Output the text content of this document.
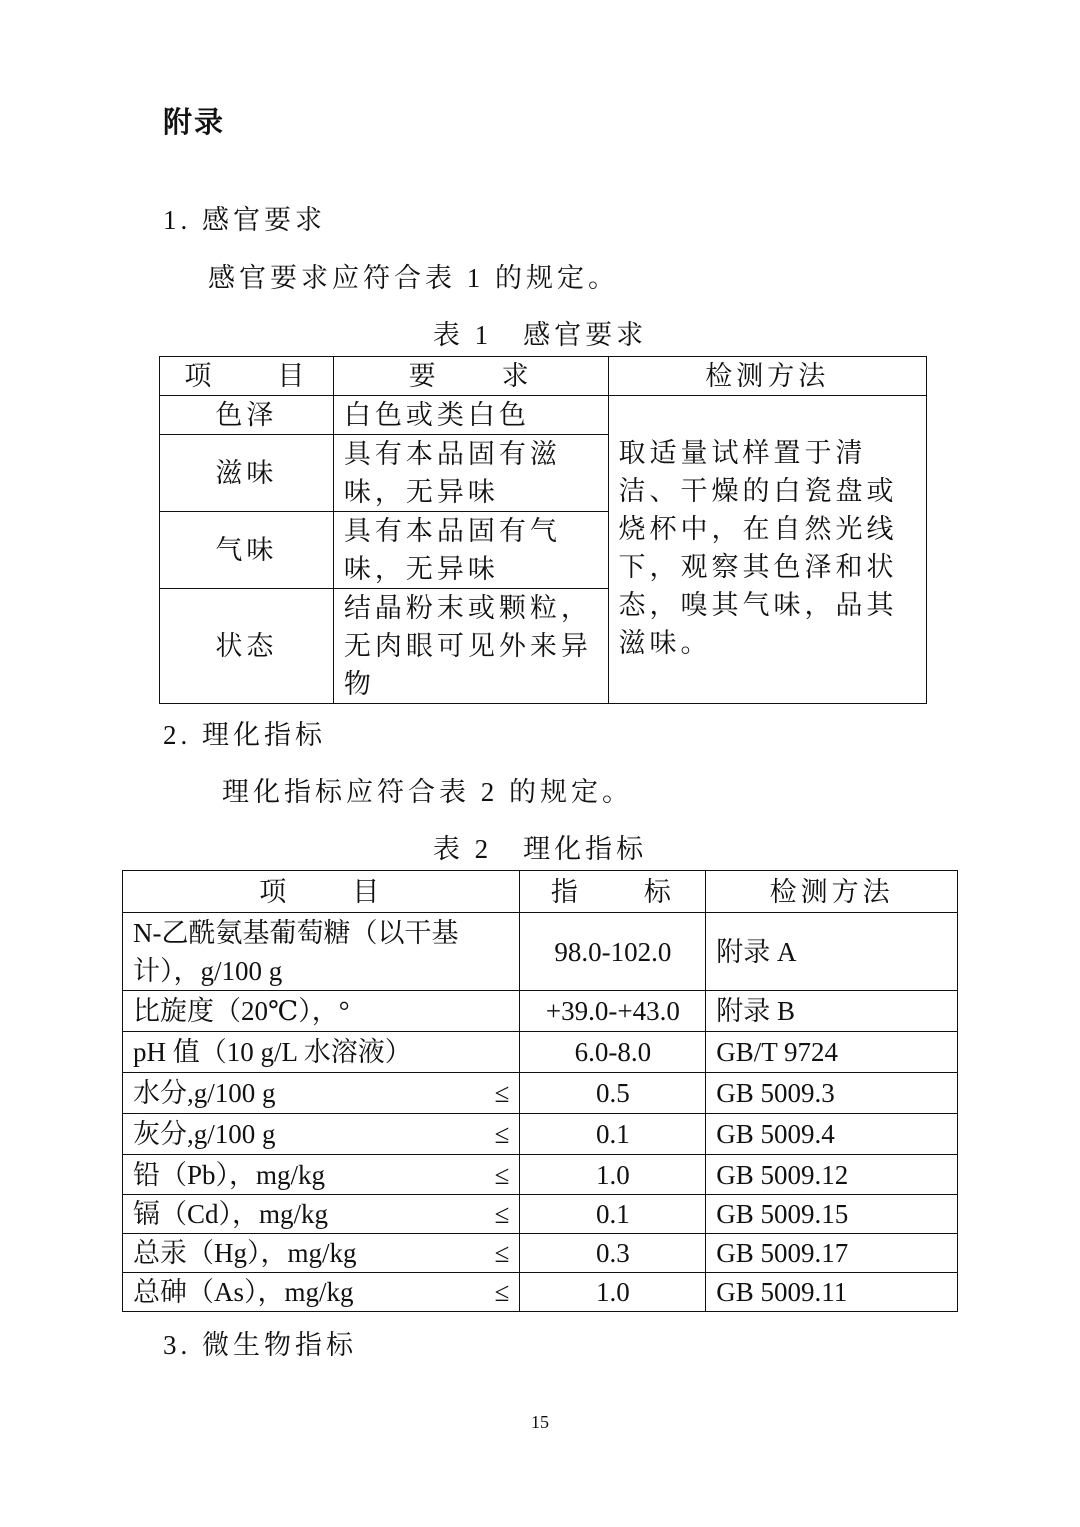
附录
1. 感官要求
感官要求应符合表 1 的规定。
表 1　感官要求
项　　目	要　　求	检测方法
色泽	白色或类白色	取适量试样置于清洁、干燥的白瓷盘或烧杯中，在自然光线下，观察其色泽和状态，嗅其气味，品其滋味。
滋味	具有本品固有滋味，无异味	
气味	具有本品固有气味，无异味	
状态	结晶粉末或颗粒，无肉眼可见外来异物	
2. 理化指标
理化指标应符合表 2 的规定。
表 2　理化指标
项　　目	指　　标	检测方法
N-乙酰氨基葡萄糖（以干基计），g/100 g	98.0-102.0	附录 A
比旋度（20℃），°	+39.0-+43.0	附录 B
pH 值（10 g/L 水溶液）	6.0-8.0	GB/T 9724
水分,g/100 g ≤	0.5	GB 5009.3
灰分,g/100 g ≤	0.1	GB 5009.4
铅（Pb），mg/kg ≤	1.0	GB 5009.12
镉（Cd），mg/kg ≤	0.1	GB 5009.15
总汞（Hg），mg/kg ≤	0.3	GB 5009.17
总砷（As），mg/kg ≤	1.0	GB 5009.11
3. 微生物指标
15
